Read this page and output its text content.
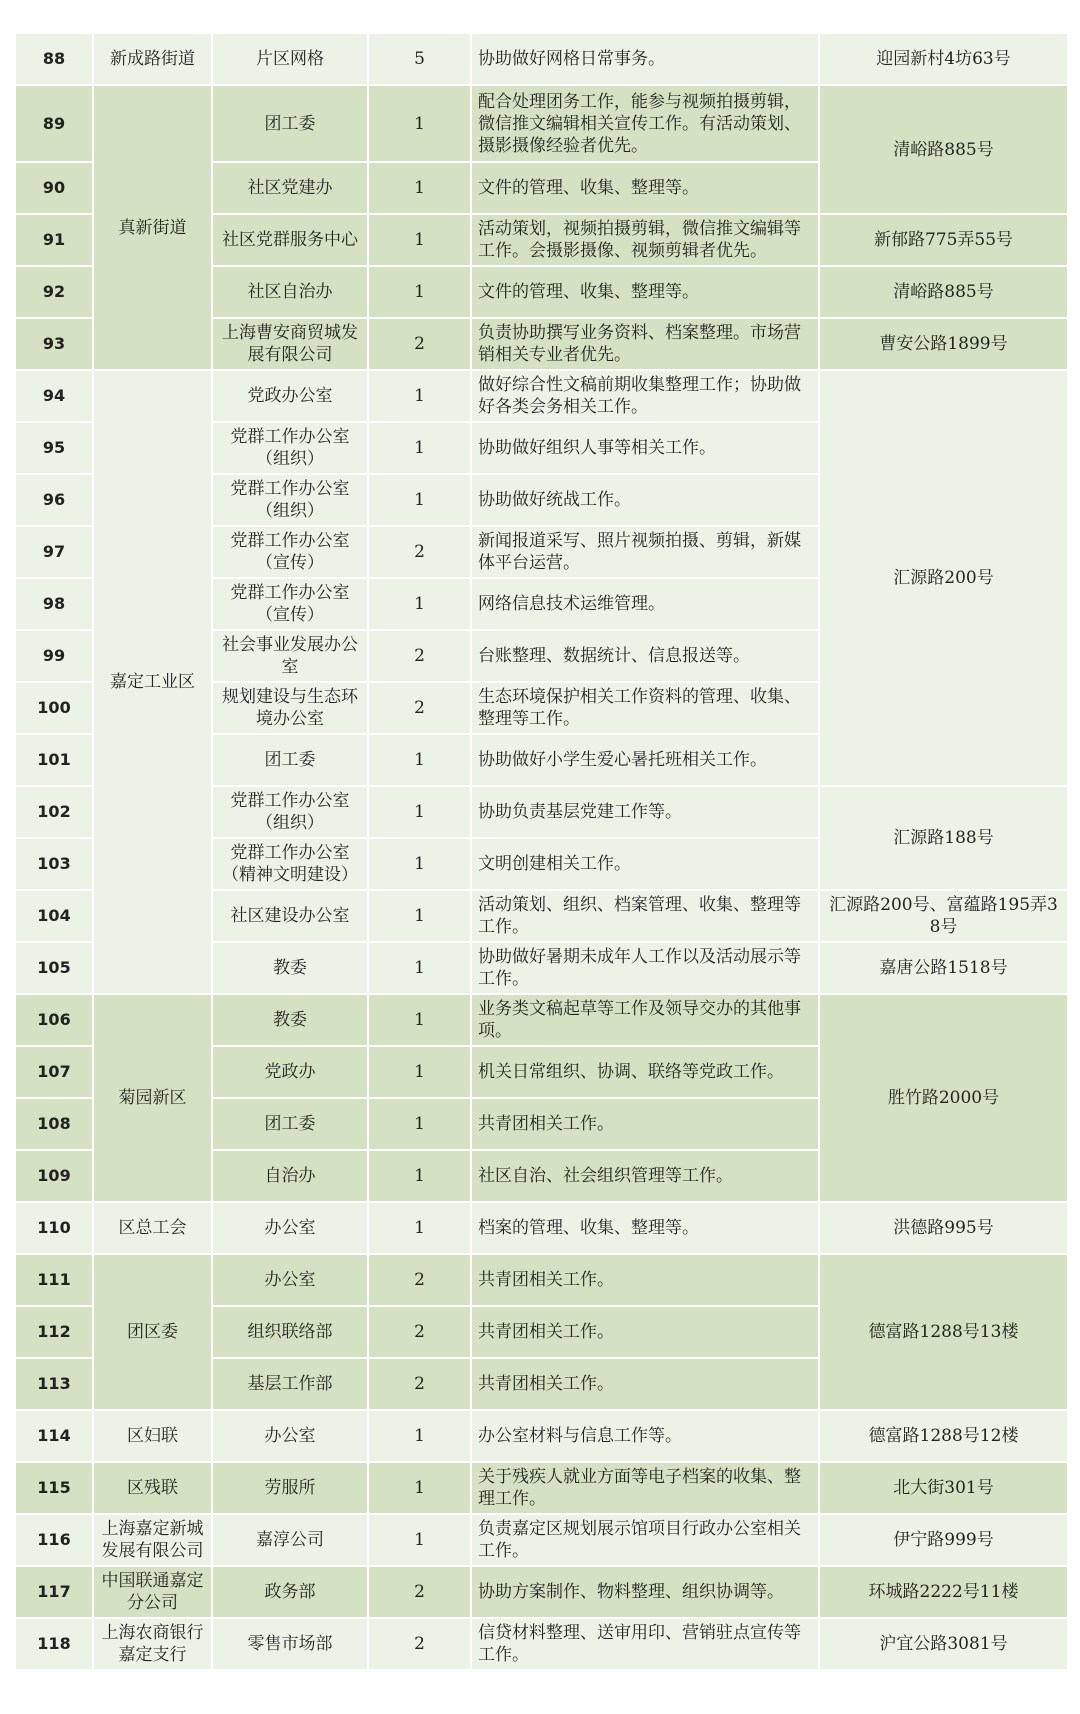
88	新成路街道	片区网格	5	协助做好网格日常事务。	迎园新村4坊63号
89	真新街道	团工委	1	配合处理团务工作，能参与视频拍摄剪辑，微信推文编辑相关宣传工作。有活动策划、摄影摄像经验者优先。	清峪路885号
90		社区党建办	1	文件的管理、收集、整理等。	
91		社区党群服务中心	1	活动策划，视频拍摄剪辑，微信推文编辑等工作。会摄影摄像、视频剪辑者优先。	新郁路775弄55号
92		社区自治办	1	文件的管理、收集、整理等。	清峪路885号
93		上海曹安商贸城发展有限公司	2	负责协助撰写业务资料、档案整理。市场营销相关专业者优先。	曹安公路1899号
94	嘉定工业区	党政办公室	1	做好综合性文稿前期收集整理工作；协助做好各类会务相关工作。	汇源路200号
95		党群工作办公室（组织）	1	协助做好组织人事等相关工作。	
96		党群工作办公室（组织）	1	协助做好统战工作。	
97		党群工作办公室（宣传）	2	新闻报道采写、照片视频拍摄、剪辑，新媒体平台运营。	
98		党群工作办公室（宣传）	1	网络信息技术运维管理。	
99		社会事业发展办公室	2	台账整理、数据统计、信息报送等。	
100		规划建设与生态环境办公室	2	生态环境保护相关工作资料的管理、收集、整理等工作。	
101		团工委	1	协助做好小学生爱心暑托班相关工作。	
102		党群工作办公室（组织）	1	协助负责基层党建工作等。	汇源路188号
103		党群工作办公室（精神文明建设）	1	文明创建相关工作。	
104		社区建设办公室	1	活动策划、组织、档案管理、收集、整理等工作。	汇源路200号、富蕴路195弄38号
105		教委	1	协助做好暑期未成年人工作以及活动展示等工作。	嘉唐公路1518号
106	菊园新区	教委	1	业务类文稿起草等工作及领导交办的其他事项。	胜竹路2000号
107		党政办	1	机关日常组织、协调、联络等党政工作。	
108		团工委	1	共青团相关工作。	
109		自治办	1	社区自治、社会组织管理等工作。	
110	区总工会	办公室	1	档案的管理、收集、整理等。	洪德路995号
111	团区委	办公室	2	共青团相关工作。	德富路1288号13楼
112		组织联络部	2	共青团相关工作。	
113		基层工作部	2	共青团相关工作。	
114	区妇联	办公室	1	办公室材料与信息工作等。	德富路1288号12楼
115	区残联	劳服所	1	关于残疾人就业方面等电子档案的收集、整理工作。	北大街301号
116	上海嘉定新城发展有限公司	嘉淳公司	1	负责嘉定区规划展示馆项目行政办公室相关工作。	伊宁路999号
117	中国联通嘉定分公司	政务部	2	协助方案制作、物料整理、组织协调等。	环城路2222号11楼
118	上海农商银行嘉定支行	零售市场部	2	信贷材料整理、送审用印、营销驻点宣传等工作。	沪宜公路3081号
